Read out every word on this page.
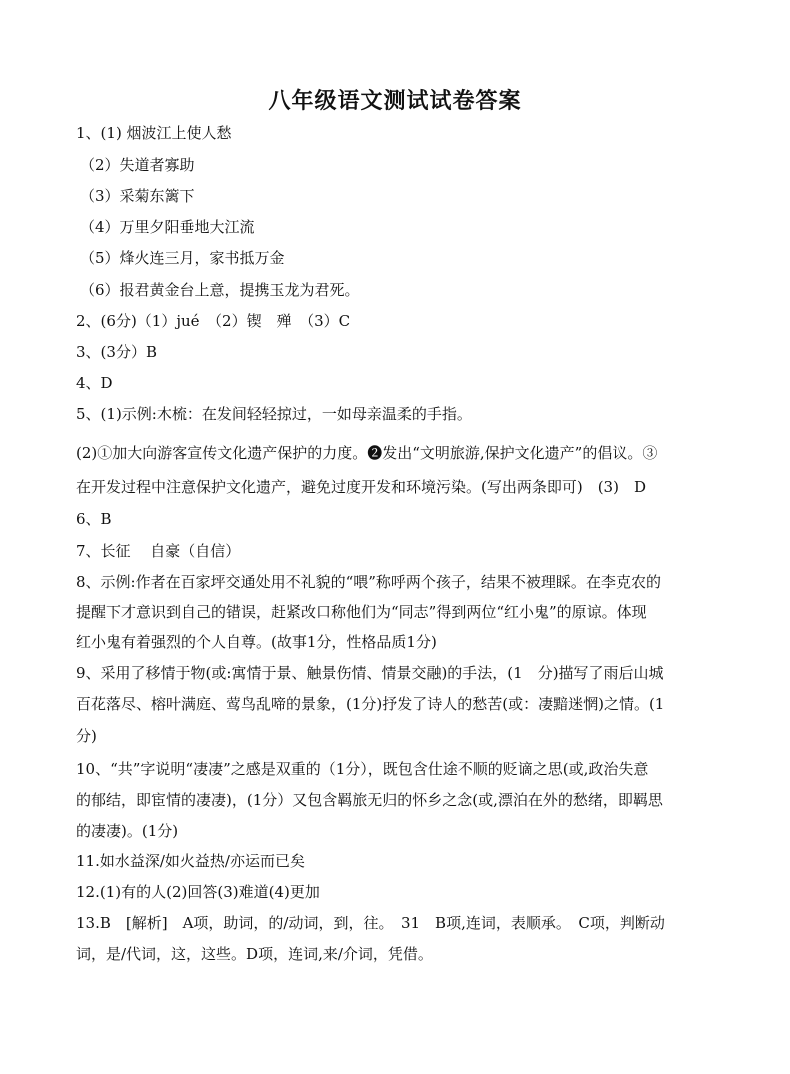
八年级语文测试试卷答案
1、(1) 烟波江上使人愁
（2）失道者寡助
（3）采菊东篱下
（4）万里夕阳垂地大江流
（5）烽火连三月，家书抵万金
（6）报君黄金台上意，提携玉龙为君死。
2、(6分)（1）jué　（2）锲　殚　（3）C
3、(3分）B
4、D
5、(1)示例:木梳：在发间轻轻掠过，一如母亲温柔的手指。
(2)①加大向游客宣传文化遗产保护的力度。❷发出“文明旅游,保护文化遗产”的倡议。③
在开发过程中注意保护文化遗产，避免过度开发和环境污染。(写出两条即可)　(3)　D
6、B
7、长征　 自豪（自信）
8、示例:作者在百家坪交通处用不礼貌的“喂”称呼两个孩子，结果不被理睬。在李克农的
提醒下才意识到自己的错误，赶紧改口称他们为“同志”得到两位“红小鬼”的原谅。体现
红小鬼有着强烈的个人自尊。(故事1分，性格品质1分)
9、采用了移情于物(或:寓情于景、触景伤情、情景交融)的手法，(1　分)描写了雨后山城
百花落尽、榕叶满庭、莺鸟乱啼的景象，(1分)抒发了诗人的愁苦(或：凄黯迷惘)之情。(1
分)
10、“共”字说明“凄凄”之感是双重的（1分），既包含仕途不顺的贬谪之思(或,政治失意
的郁结，即宦情的凄凄)，(1分）又包含羁旅无归的怀乡之念(或,漂泊在外的愁绪，即羁思
的凄凄)。(1分)
11.如水益深/如火益热/亦运而已矣
12.(1)有的人(2)回答(3)难道(4)更加
13.B　[解析]　A项，助词，的/动词，到，往。　31　B项,连词，表顺承。　C项，判断动
词，是/代词，这，这些。D项，连词,来/介词，凭借。
